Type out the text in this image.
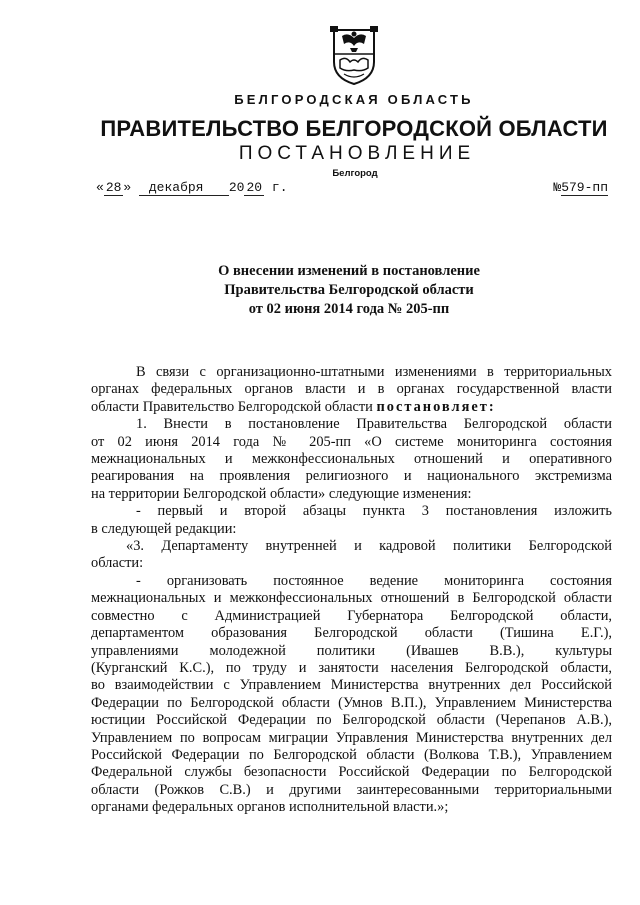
БЕЛГОРОДСКАЯ ОБЛАСТЬ
ПРАВИТЕЛЬСТВО БЕЛГОРОДСКОЙ ОБЛАСТИ
ПОСТАНОВЛЕНИЕ
Белгород
« 28 » декабря 20 20 г.	№579-пп
О внесении изменений в постановление
Правительства Белгородской области
от 02 июня 2014 года № 205-пп
В связи с организационно-штатными изменениями в территориальных
органах федеральных органов власти и в органах государственной власти
области Правительство Белгородской области постановляет:
1. Внести в постановление Правительства Белгородской области
от 02 июня 2014 года № 205-пп «О системе мониторинга состояния
межнациональных и межконфессиональных отношений и оперативного
реагирования на проявления религиозного и национального экстремизма
на территории Белгородской области» следующие изменения:
- первый и второй абзацы пункта 3 постановления изложить
в следующей редакции:
«3. Департаменту внутренней и кадровой политики Белгородской
области:
- организовать постоянное ведение мониторинга состояния
межнациональных и межконфессиональных отношений в Белгородской области
совместно с Администрацией Губернатора Белгородской области,
департаментом образования Белгородской области (Тишина Е.Г.),
управлениями молодежной политики (Ивашев В.В.), культуры
(Курганский К.С.), по труду и занятости населения Белгородской области,
во взаимодействии с Управлением Министерства внутренних дел Российской
Федерации по Белгородской области (Умнов В.П.), Управлением Министерства
юстиции Российской Федерации по Белгородской области (Черепанов А.В.),
Управлением по вопросам миграции Управления Министерства внутренних дел
Российской Федерации по Белгородской области (Волкова Т.В.), Управлением
Федеральной службы безопасности Российской Федерации по Белгородской
области (Рожков С.В.) и другими заинтересованными территориальными
органами федеральных органов исполнительной власти.»;
